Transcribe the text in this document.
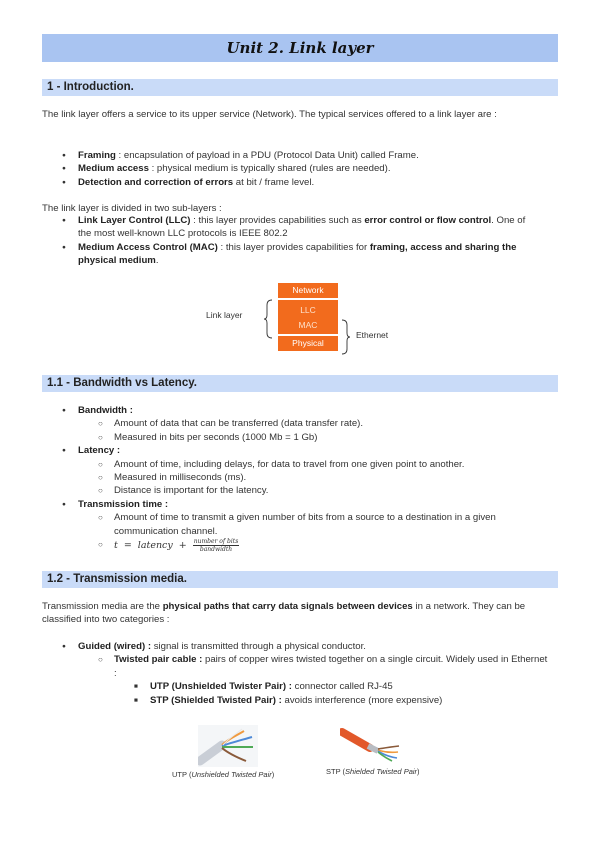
Unit 2. Link layer
1 - Introduction.
The link layer offers a service to its upper service (Network). The typical services offered to a link layer are :
● Framing : encapsulation of payload in a PDU (Protocol Data Unit) called Frame.
● Medium access : physical medium is typically shared (rules are needed).
● Detection and correction of errors at bit / frame level.
The link layer is divided in two sub-layers :
● Link Layer Control (LLC) : this layer provides capabilities such as error control or flow control. One of the most well-known LLC protocols is IEEE 802.2
● Medium Access Control (MAC) : this layer provides capabilities for framing, access and sharing the physical medium.
Link layer
Network
LLC
MAC
Physical
Ethernet
1.1 - Bandwidth vs Latency.
● Bandwidth :
○ Amount of data that can be transferred (data transfer rate).
○ Measured in bits per seconds (1000 Mb = 1 Gb)
● Latency :
○ Amount of time, including delays, for data to travel from one given point to another.
○ Measured in milliseconds (ms).
○ Distance is important for the latency.
● Transmission time :
○ Amount of time to transmit a given number of bits from a source to a destination in a given communication channel.
○ t = latency + $\frac{\text{number of bits}}{\text{bandwidth}}$
1.2 - Transmission media.
Transmission media are the physical paths that carry data signals between devices in a network. They can be classified into two categories :
● Guided (wired) : signal is transmitted through a physical conductor.
○ Twisted pair cable : pairs of copper wires twisted together on a single circuit. Widely used in Ethernet :
■ UTP (Unshielded Twister Pair) : connector called RJ-45
■ STP (Shielded Twisted Pair) : avoids interference (more expensive)
UTP (Unshielded Twisted Pair)	STP (Shielded Twisted Pair)
